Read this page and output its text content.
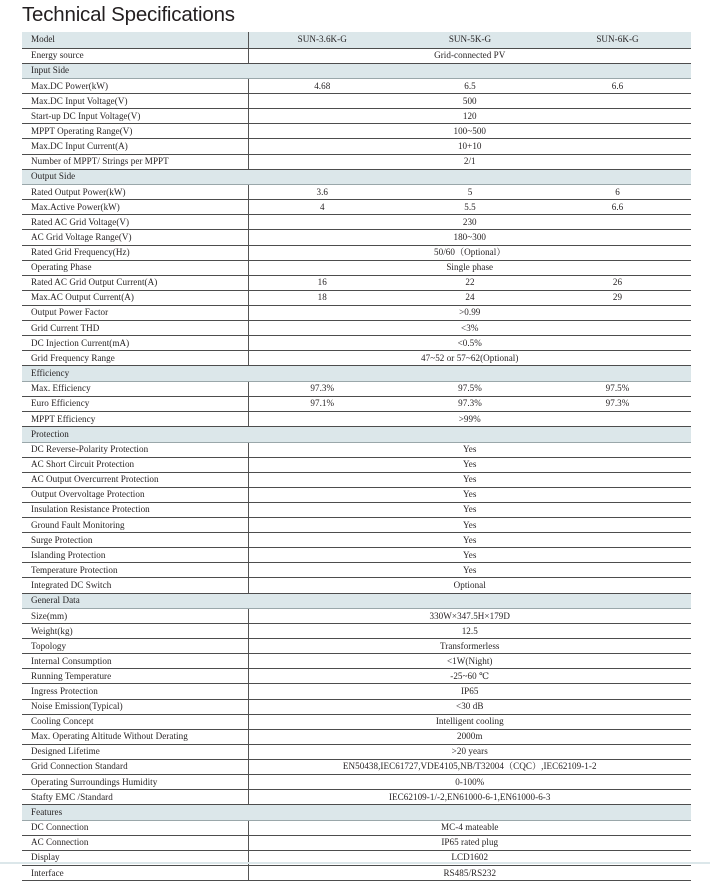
Technical Specifications
Model	SUN-3.6K-G	SUN-5K-G	SUN-6K-G
Energy source	Grid-connected PV		
Input Side			
Max.DC Power(kW)	4.68	6.5	6.6
Max.DC Input Voltage(V)	500		
Start-up DC Input Voltage(V)	120		
MPPT Operating Range(V)	100~500		
Max.DC Input Current(A)	10+10		
Number of MPPT/ Strings per MPPT	2/1		
Output Side			
Rated Output Power(kW)	3.6	5	6
Max.Active Power(kW)	4	5.5	6.6
Rated AC Grid Voltage(V)	230		
AC Grid Voltage Range(V)	180~300		
Rated Grid Frequency(Hz)	50/60（Optional）		
Operating Phase	Single phase		
Rated AC Grid Output Current(A)	16	22	26
Max.AC Output Current(A)	18	24	29
Output Power Factor	>0.99		
Grid Current THD	<3%		
DC Injection Current(mA)	<0.5%		
Grid Frequency Range	47~52 or 57~62(Optional)		
Efficiency			
Max. Efficiency	97.3%	97.5%	97.5%
Euro Efficiency	97.1%	97.3%	97.3%
MPPT Efficiency	>99%		
Protection			
DC Reverse-Polarity Protection	Yes		
AC Short Circuit Protection	Yes		
AC Output Overcurrent Protection	Yes		
Output Overvoltage Protection	Yes		
Insulation Resistance Protection	Yes		
Ground Fault Monitoring	Yes		
Surge Protection	Yes		
Islanding Protection	Yes		
Temperature Protection	Yes		
Integrated DC Switch	Optional		
General Data			
Size(mm)	330W×347.5H×179D		
Weight(kg)	12.5		
Topology	Transformerless		
Internal Consumption	<1W(Night)		
Running Temperature	-25~60 ℃		
Ingress Protection	IP65		
Noise Emission(Typical)	<30 dB		
Cooling Concept	Intelligent cooling		
Max. Operating Altitude Without Derating	2000m		
Designed Lifetime	>20 years		
Grid Connection Standard	EN50438,IEC61727,VDE4105,NB/T32004（CQC）,IEC62109-1-2		
Operating Surroundings Humidity	0-100%		
Stafty EMC /Standard	IEC62109-1/-2,EN61000-6-1,EN61000-6-3		
Features			
DC Connection	MC-4 mateable		
AC Connection	IP65 rated plug		
Display	LCD1602		
Interface	RS485/RS232		
